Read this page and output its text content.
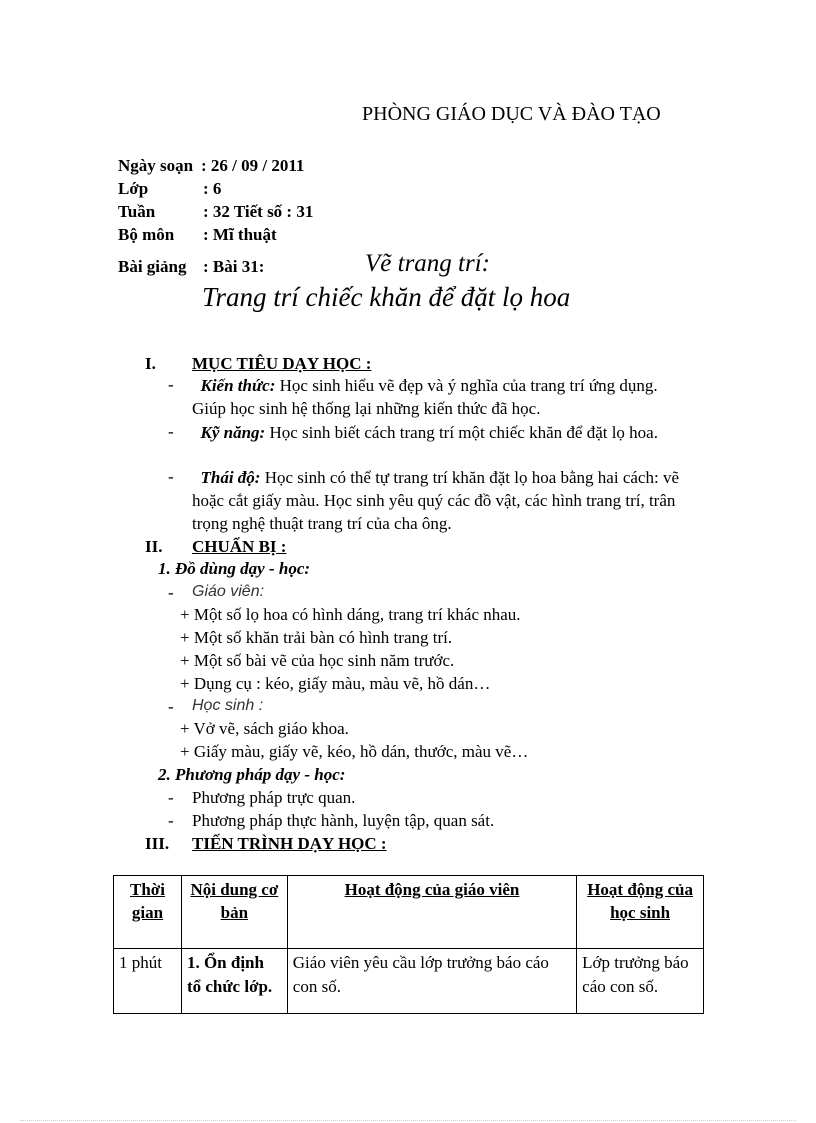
PHÒNG GIÁO DỤC VÀ ĐÀO TẠO
Ngày soạn : 26 / 09 / 2011
Lớp	: 6
Tuần	: 32 Tiết số : 31
Bộ môn : Mĩ thuật
Bài giảng : Bài 31:	Vẽ trang trí:
Trang trí chiếc khăn để đặt lọ hoa
I. MỤC TIÊU DẠY HỌC :
-	Kiến thức: Học sinh hiểu vẽ đẹp và ý nghĩa của trang trí ứng dụng. Giúp học sinh hệ thống lại những kiến thức đã học.
-	Kỹ năng: Học sinh biết cách trang trí một chiếc khăn để đặt lọ hoa.
-	Thái độ: Học sinh có thể tự trang trí khăn đặt lọ hoa bằng hai cách: vẽ hoặc cắt giấy màu. Học sinh yêu quý các đồ vật, các hình trang trí, trân trọng nghệ thuật trang trí của cha ông.
II. CHUẨN BỊ :
1. Đồ dùng dạy - học:
- Giáo viên:
+ Một số lọ hoa có hình dáng, trang trí khác nhau.
+ Một số khăn trải bàn có hình trang trí.
+ Một số bài vẽ của học sinh năm trước.
+ Dụng cụ : kéo, giấy màu, màu vẽ, hồ dán…
- Học sinh :
+ Vở vẽ, sách giáo khoa.
+ Giấy màu, giấy vẽ, kéo, hồ dán, thước, màu vẽ…
2. Phương pháp dạy - học:
- Phương pháp trực quan.
- Phương pháp thực hành, luyện tập, quan sát.
III. TIẾN TRÌNH DẠY HỌC :
Thời gian	Nội dung cơ bản	Hoạt động của giáo viên	Hoạt động của học sinh
1 phút	1. Ổn định tổ chức lớp.	Giáo viên yêu cầu lớp trưởng báo cáo con số.	Lớp trưởng báo cáo con số.
